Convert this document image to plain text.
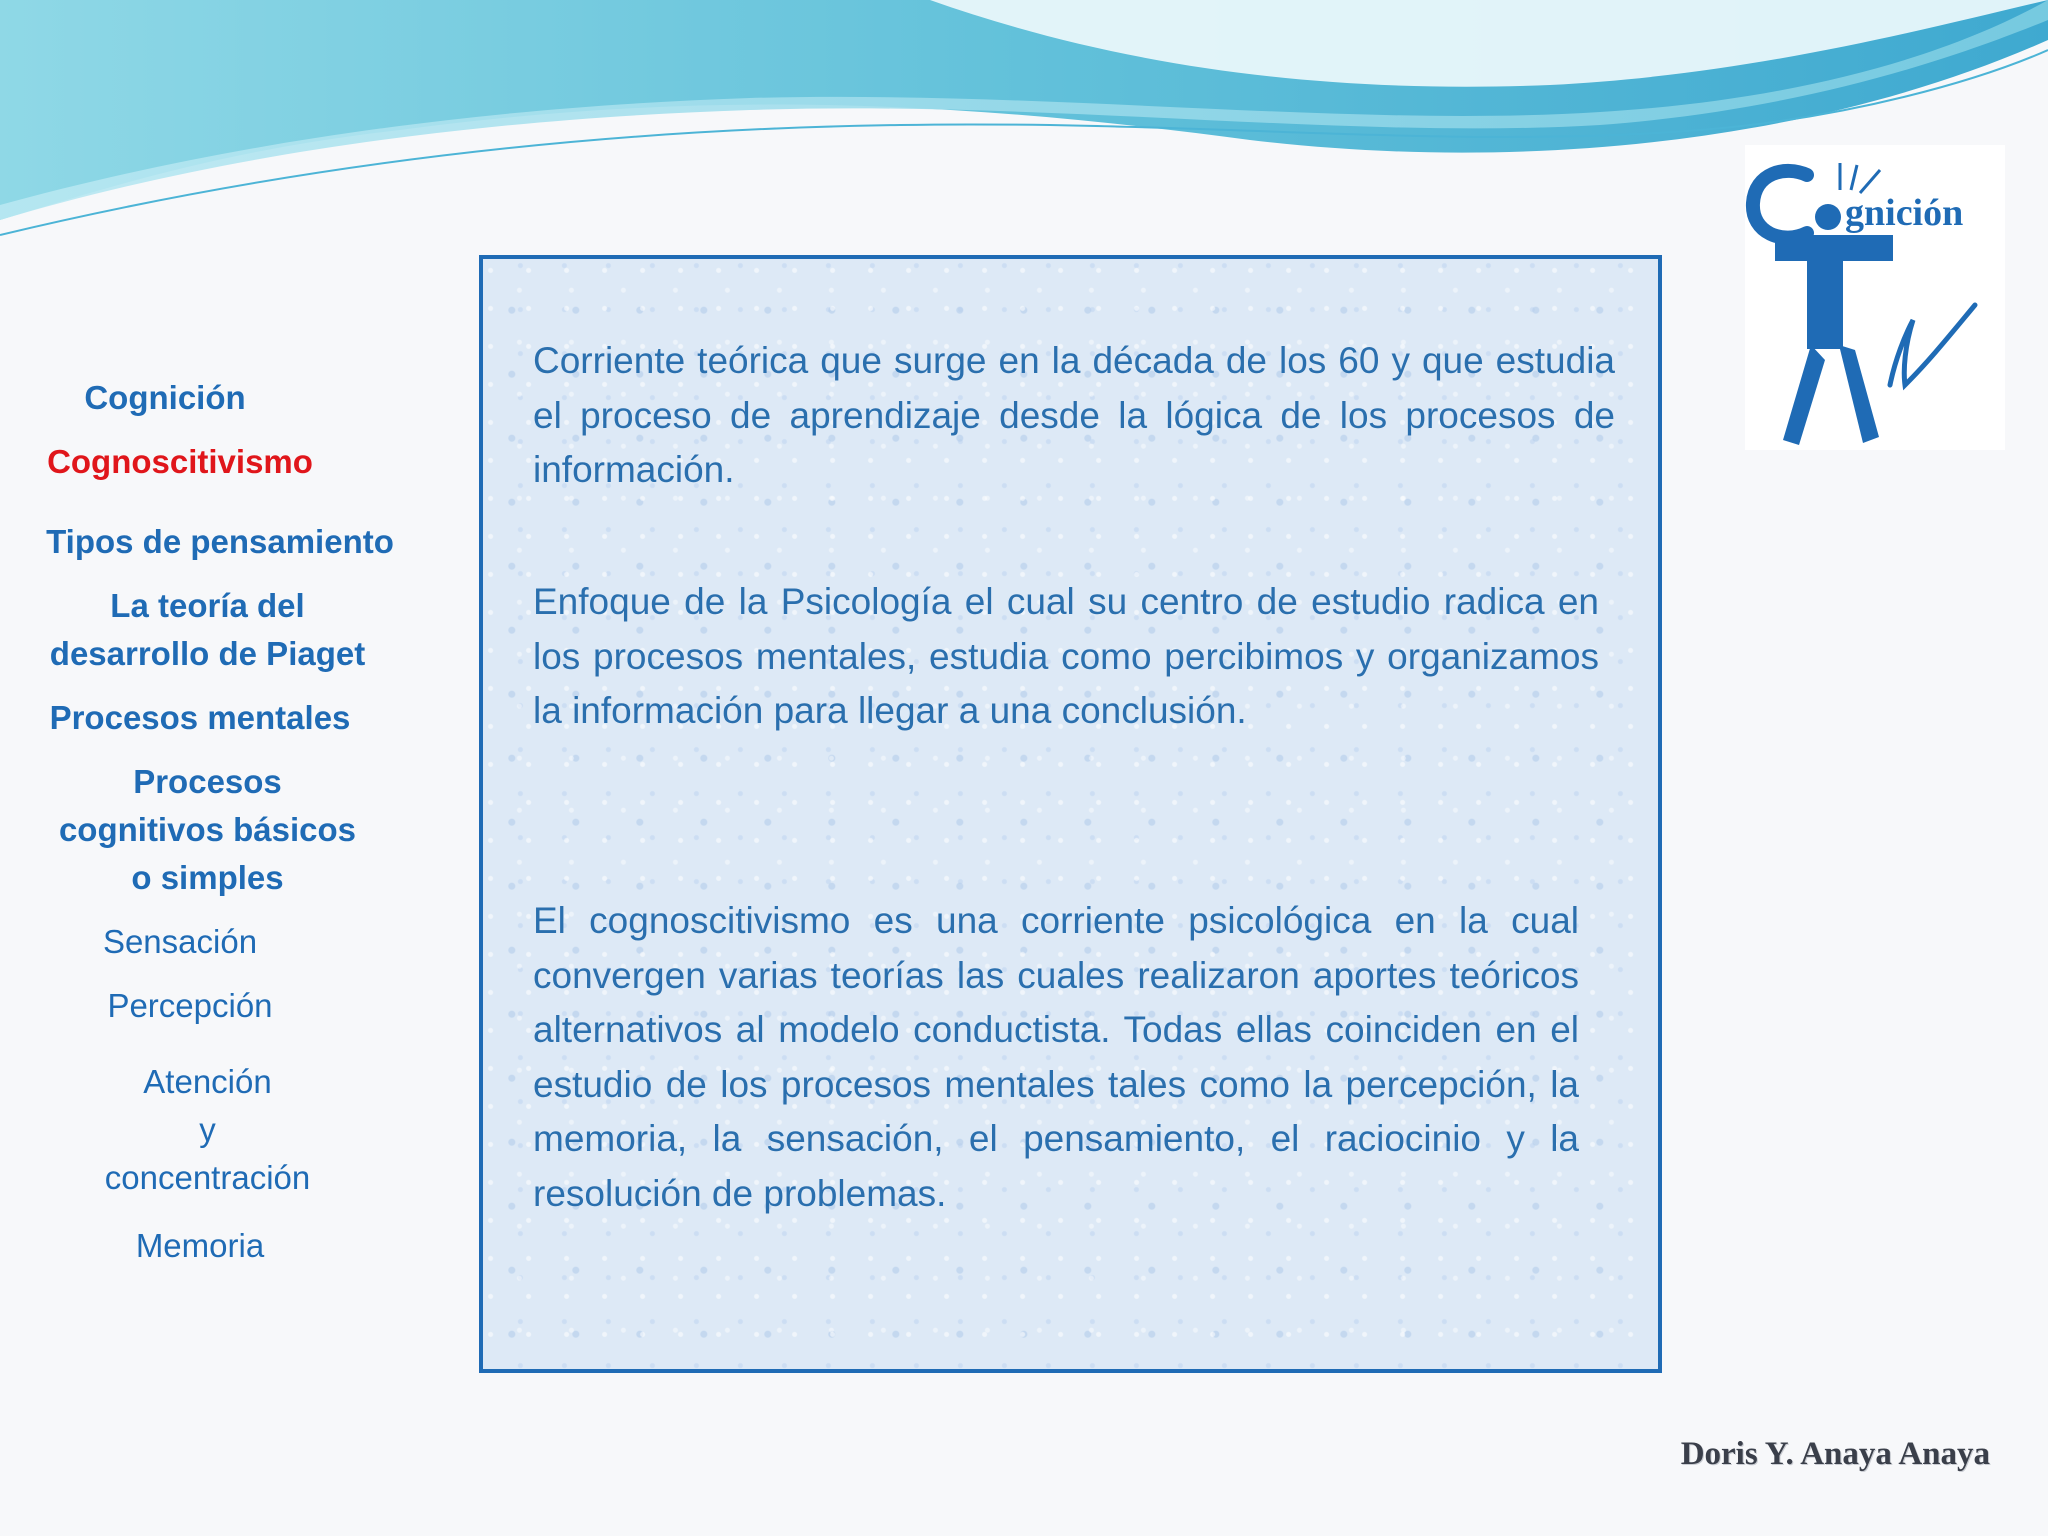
Cognición
Cognoscitivismo
Tipos de pensamiento
La teoría del
desarrollo de Piaget
Procesos mentales
Procesos
cognitivos básicos
o simples
Sensación
Percepción
Atención
y
concentración
Memoria

Corriente teórica que surge en la década de los 60 y que estudia el proceso de aprendizaje desde la lógica de los procesos de información.

Enfoque de la Psicología el cual su centro de estudio radica en los procesos mentales, estudia como percibimos y organizamos la información para llegar a una conclusión.

El cognoscitivismo es una corriente psicológica en la cual convergen varias teorías las cuales realizaron aportes teóricos alternativos al modelo conductista. Todas ellas coinciden en el estudio de los procesos mentales tales como la percepción, la memoria, la sensación, el pensamiento, el raciocinio y la resolución de problemas.

gnición
Doris Y. Anaya Anaya
